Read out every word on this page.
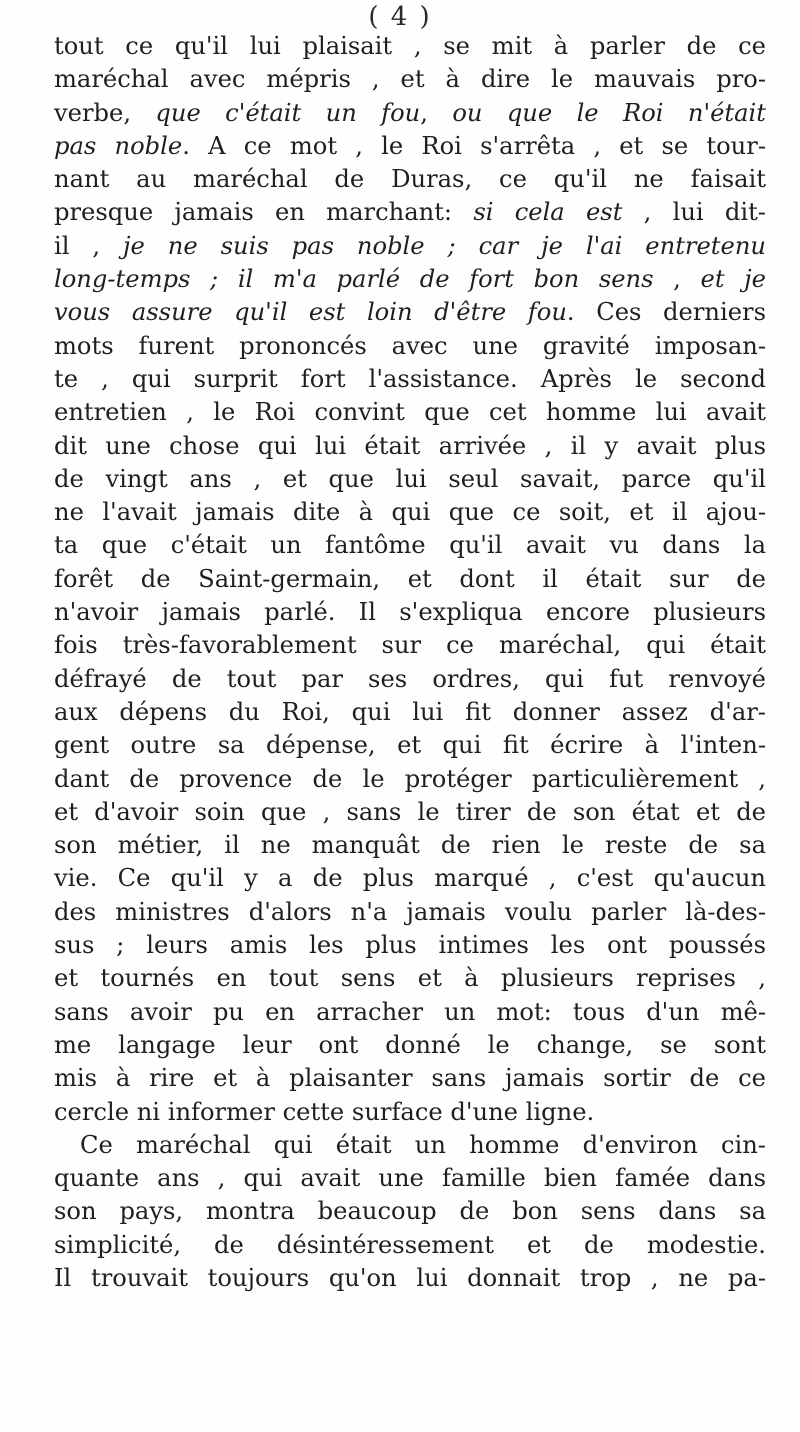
( 4 )
tout ce qu'il lui plaisait , se mit à parler de ce
maréchal avec mépris , et à dire le mauvais pro-
verbe, que c'était un fou, ou que le Roi n'était
pas noble. A ce mot , le Roi s'arrêta , et se tour-
nant au maréchal de Duras, ce qu'il ne faisait
presque jamais en marchant: si cela est , lui dit-
il , je ne suis pas noble ; car je l'ai entretenu
long-temps ; il m'a parlé de fort bon sens , et je
vous assure qu'il est loin d'être fou. Ces derniers
mots furent prononcés avec une gravité imposan-
te , qui surprit fort l'assistance. Après le second
entretien , le Roi convint que cet homme lui avait
dit une chose qui lui était arrivée , il y avait plus
de vingt ans , et que lui seul savait, parce qu'il
ne l'avait jamais dite à qui que ce soit, et il ajou-
ta que c'était un fantôme qu'il avait vu dans la
forêt de Saint-germain, et dont il était sur de
n'avoir jamais parlé. Il s'expliqua encore plusieurs
fois très-favorablement sur ce maréchal, qui était
défrayé de tout par ses ordres, qui fut renvoyé
aux dépens du Roi, qui lui fit donner assez d'ar-
gent outre sa dépense, et qui fit écrire à l'inten-
dant de provence de le protéger particulièrement ,
et d'avoir soin que , sans le tirer de son état et de
son métier, il ne manquât de rien le reste de sa
vie. Ce qu'il y a de plus marqué , c'est qu'aucun
des ministres d'alors n'a jamais voulu parler là-des-
sus ; leurs amis les plus intimes les ont poussés
et tournés en tout sens et à plusieurs reprises ,
sans avoir pu en arracher un mot: tous d'un mê-
me langage leur ont donné le change, se sont
mis à rire et à plaisanter sans jamais sortir de ce
cercle ni informer cette surface d'une ligne.
Ce maréchal qui était un homme d'environ cin-
quante ans , qui avait une famille bien famée dans
son pays, montra beaucoup de bon sens dans sa
simplicité, de désintéressement et de modestie.
Il trouvait toujours qu'on lui donnait trop , ne pa-
